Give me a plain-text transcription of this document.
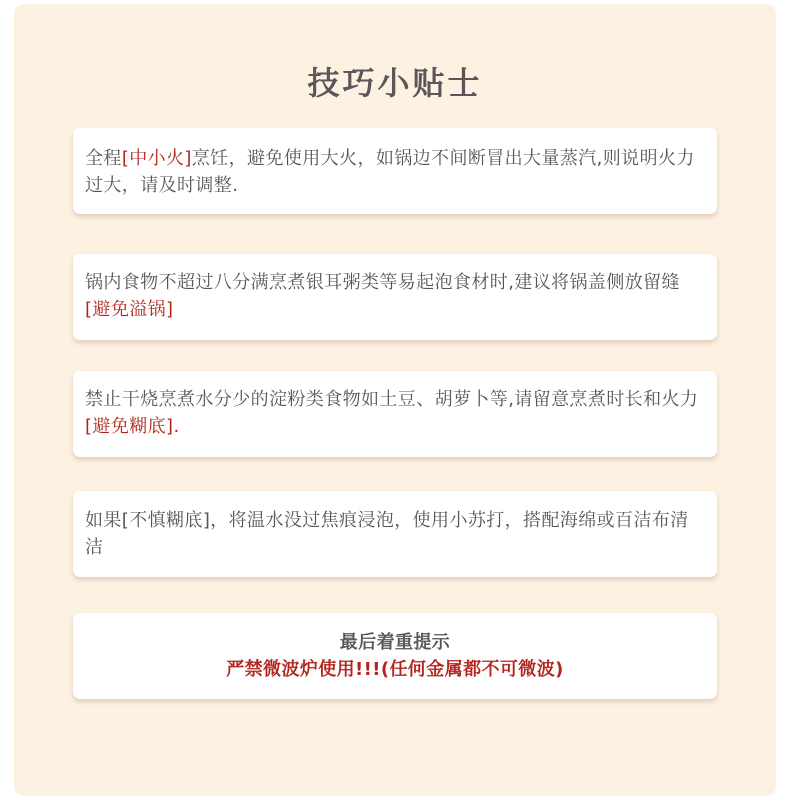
技巧小贴士

全程[中小火]烹饪，避免使用大火，如锅边不间断冒出大量蒸汽,则说明火力过大，请及时调整.

锅内食物不超过八分满烹煮银耳粥类等易起泡食材时,建议将锅盖侧放留缝[避免溢锅]

禁止干烧烹煮水分少的淀粉类食物如土豆、胡萝卜等,请留意烹煮时长和火力[避免糊底].

如果[不慎糊底]，将温水没过焦痕浸泡，使用小苏打，搭配海绵或百洁布清洁

最后着重提示

严禁微波炉使用!!!(任何金属都不可微波)
